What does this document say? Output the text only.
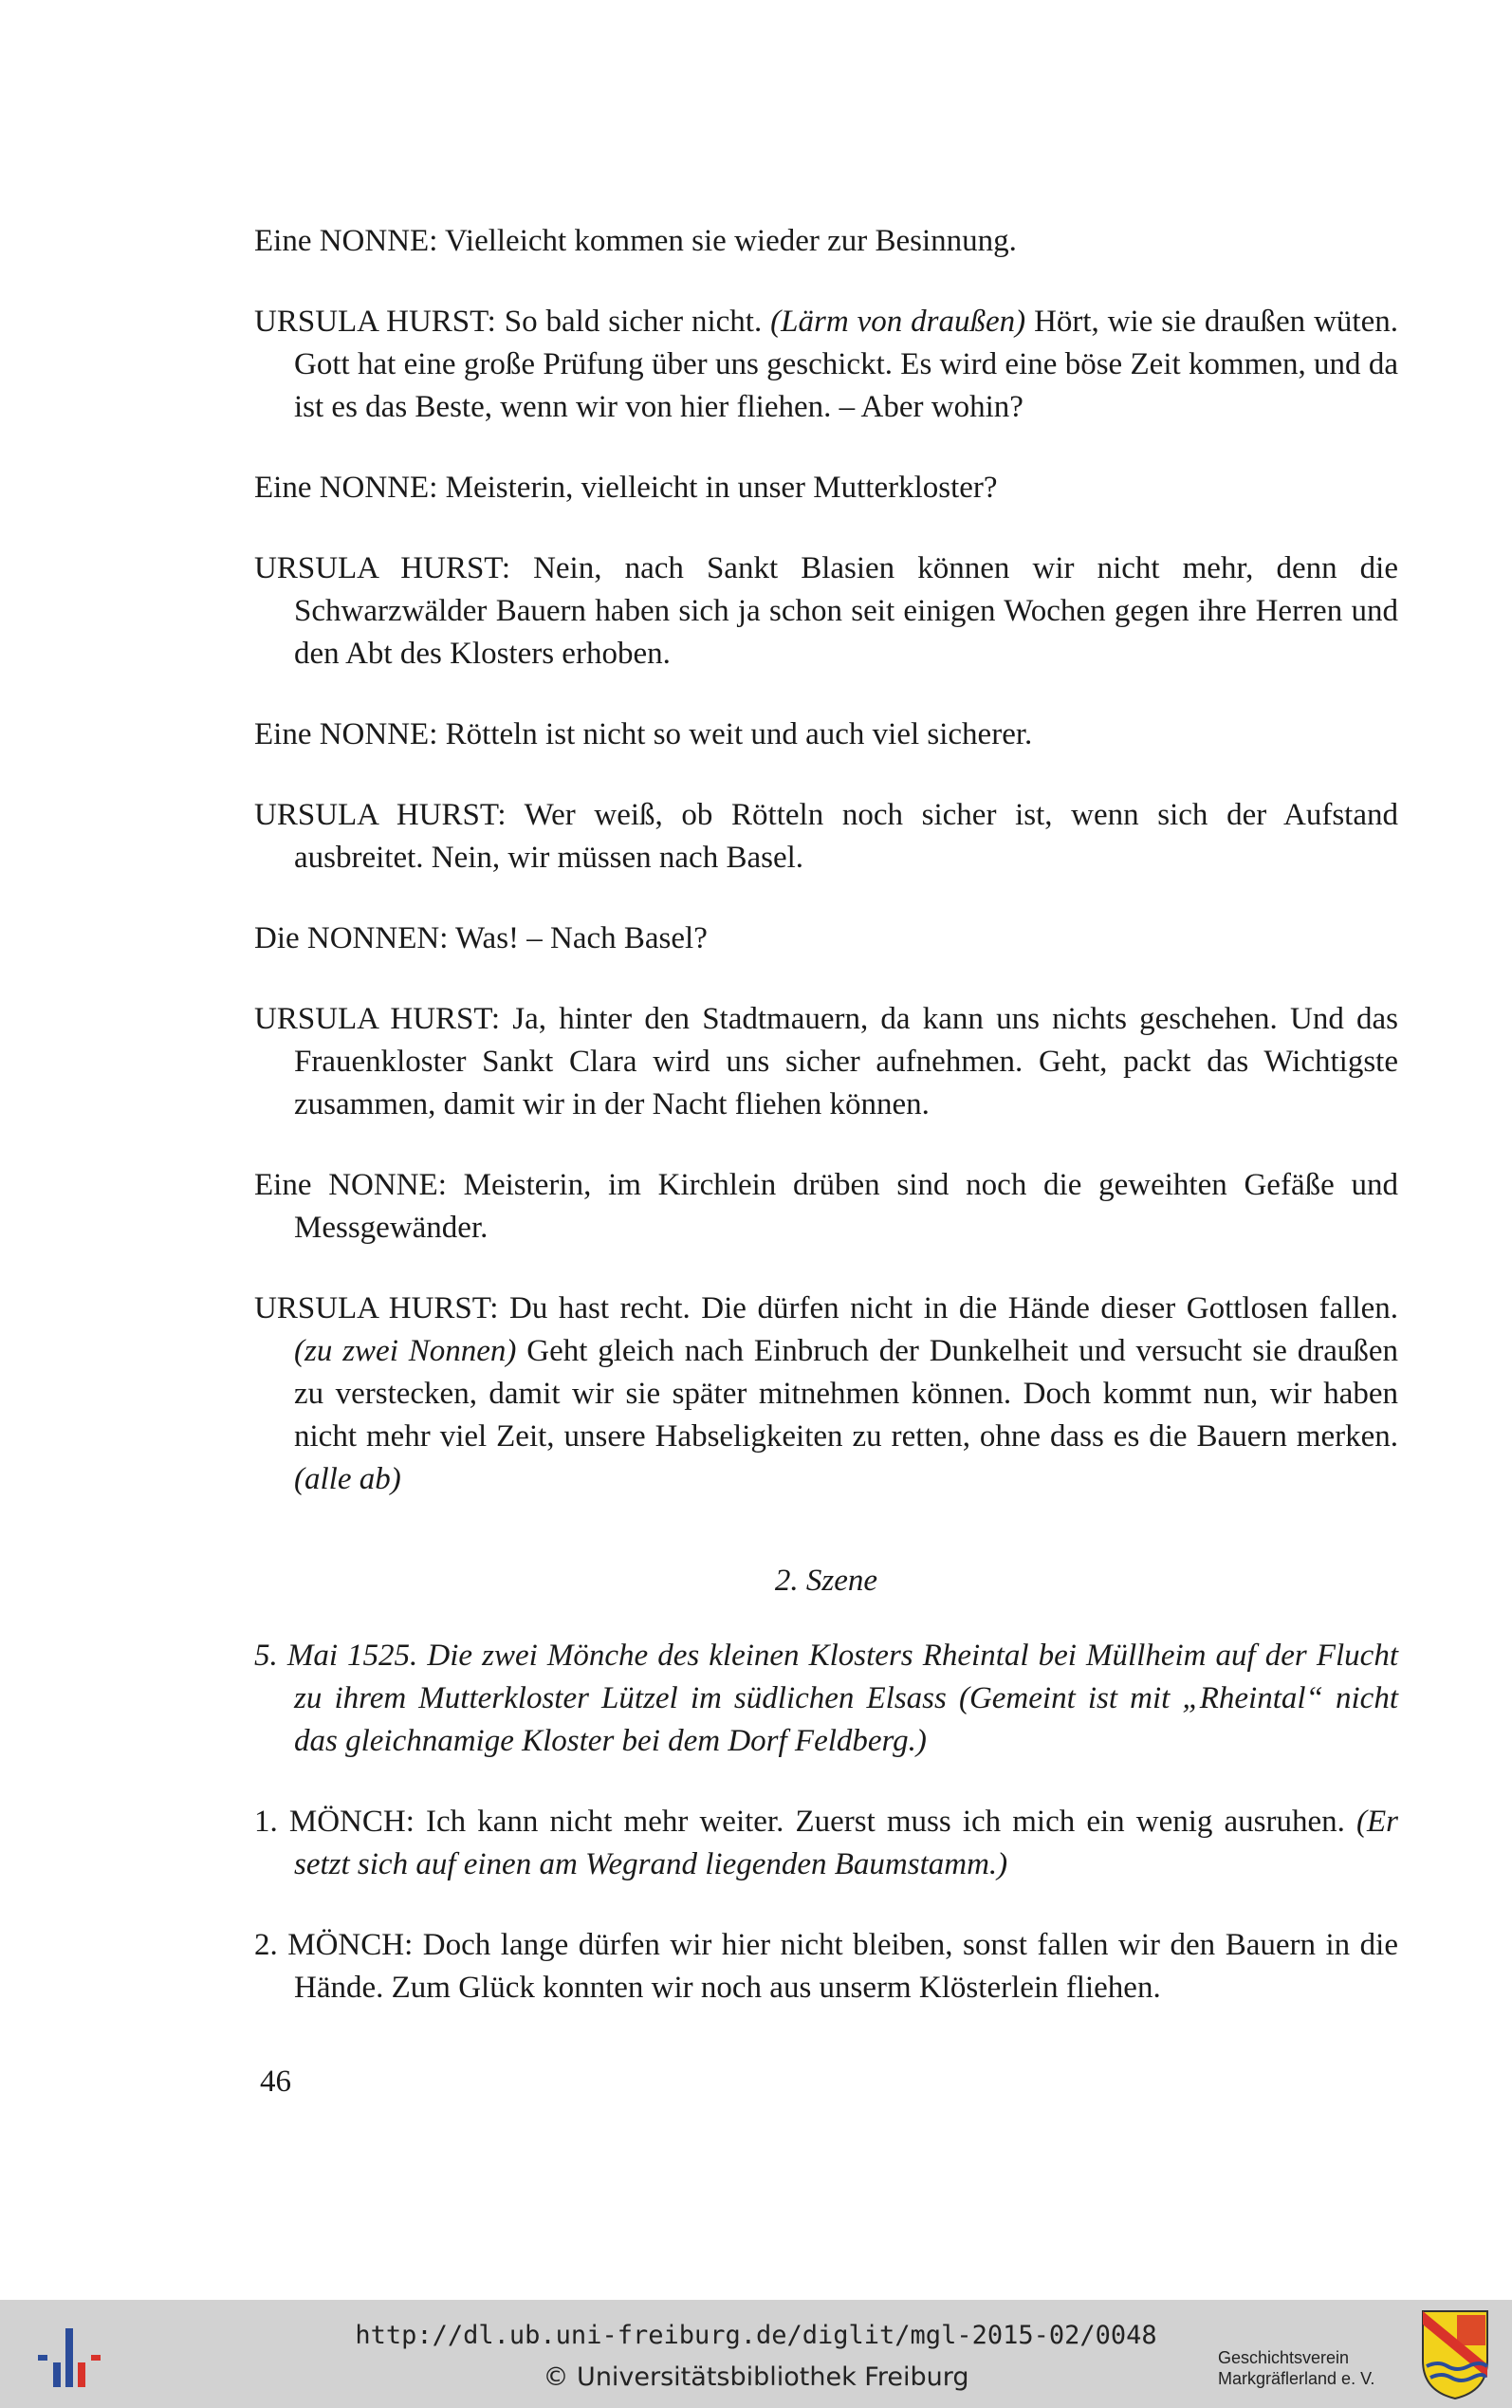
Eine NONNE: Vielleicht kommen sie wieder zur Besinnung.

URSULA HURST: So bald sicher nicht. (Lärm von draußen) Hört, wie sie draußen wüten. Gott hat eine große Prüfung über uns geschickt. Es wird eine böse Zeit kommen, und da ist es das Beste, wenn wir von hier fliehen. – Aber wohin?

Eine NONNE: Meisterin, vielleicht in unser Mutterkloster?

URSULA HURST: Nein, nach Sankt Blasien können wir nicht mehr, denn die Schwarzwälder Bauern haben sich ja schon seit einigen Wochen gegen ihre Herren und den Abt des Klosters erhoben.

Eine NONNE: Rötteln ist nicht so weit und auch viel sicherer.

URSULA HURST: Wer weiß, ob Rötteln noch sicher ist, wenn sich der Aufstand ausbreitet. Nein, wir müssen nach Basel.

Die NONNEN: Was! – Nach Basel?

URSULA HURST: Ja, hinter den Stadtmauern, da kann uns nichts geschehen. Und das Frauenkloster Sankt Clara wird uns sicher aufnehmen. Geht, packt das Wichtigste zusammen, damit wir in der Nacht fliehen können.

Eine NONNE: Meisterin, im Kirchlein drüben sind noch die geweihten Gefäße und Messgewänder.

URSULA HURST: Du hast recht. Die dürfen nicht in die Hände dieser Gottlosen fallen. (zu zwei Nonnen) Geht gleich nach Einbruch der Dunkelheit und versucht sie draußen zu verstecken, damit wir sie später mitnehmen können. Doch kommt nun, wir haben nicht mehr viel Zeit, unsere Habseligkeiten zu retten, ohne dass es die Bauern merken. (alle ab)

2. Szene

5. Mai 1525. Die zwei Mönche des kleinen Klosters Rheintal bei Müllheim auf der Flucht zu ihrem Mutterkloster Lützel im südlichen Elsass (Gemeint ist mit „Rheintal“ nicht das gleichnamige Kloster bei dem Dorf Feldberg.)

1. MÖNCH: Ich kann nicht mehr weiter. Zuerst muss ich mich ein wenig ausruhen. (Er setzt sich auf einen am Wegrand liegenden Baumstamm.)

2. MÖNCH: Doch lange dürfen wir hier nicht bleiben, sonst fallen wir den Bauern in die Hände. Zum Glück konnten wir noch aus unserm Klösterlein fliehen.

46
http://dl.ub.uni-freiburg.de/diglit/mgl-2015-02/0048
© Universitätsbibliothek Freiburg
Geschichtsverein
Markgräflerland e. V.
